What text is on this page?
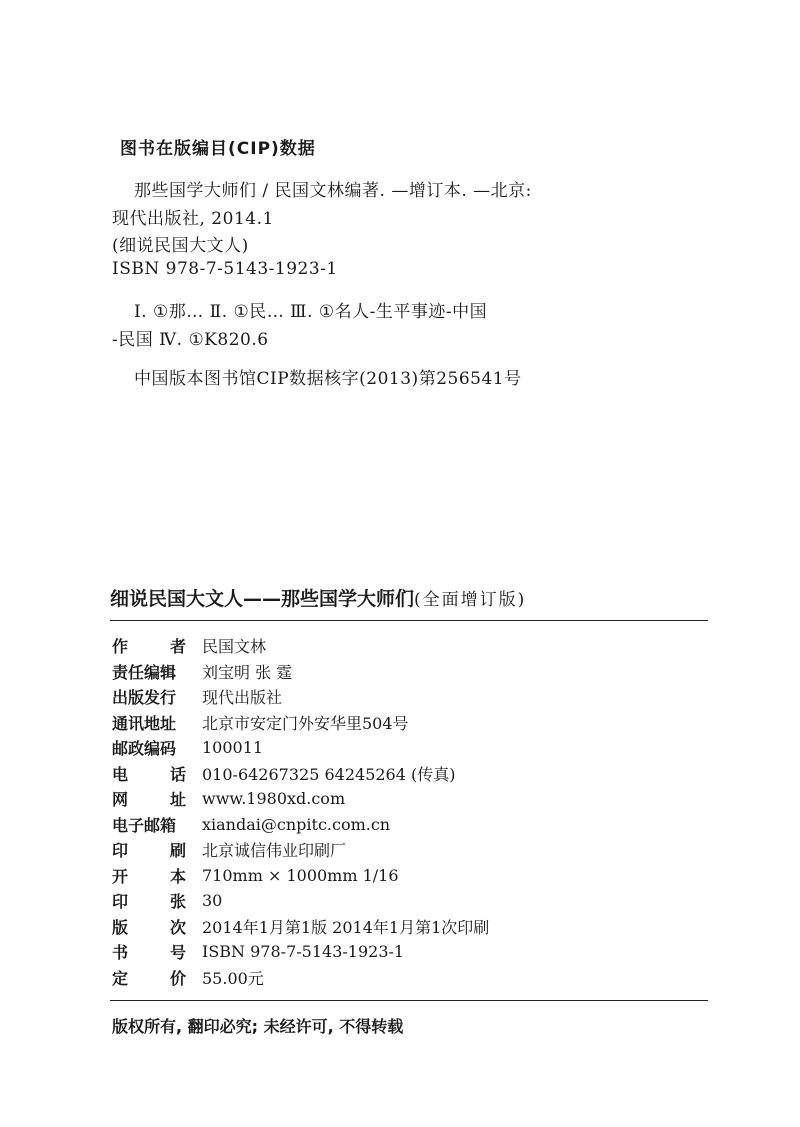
图书在版编目(CIP)数据
那些国学大师们 / 民国文林编著. —增订本. —北京:
现代出版社, 2014.1
(细说民国大文人)
ISBN 978-7-5143-1923-1
Ⅰ. ①那… Ⅱ. ①民… Ⅲ. ①名人-生平事迹-中国
-民国 Ⅳ. ①K820.6
中国版本图书馆CIP数据核字(2013)第256541号
细说民国大文人——那些国学大师们(全面增订版)
作	者 民国文林
责任编辑 刘宝明 张 霆
出版发行 现代出版社
通讯地址 北京市安定门外安华里504号
邮政编码 100011
电	话 010-64267325 64245264 (传真)
网	址 www.1980xd.com
电子邮箱 xiandai@cnpitc.com.cn
印	刷 北京诚信伟业印刷厂
开	本 710mm × 1000mm 1/16
印	张 30
版	次 2014年1月第1版 2014年1月第1次印刷
书	号 ISBN 978-7-5143-1923-1
定	价 55.00元
版权所有, 翻印必究; 未经许可, 不得转载
